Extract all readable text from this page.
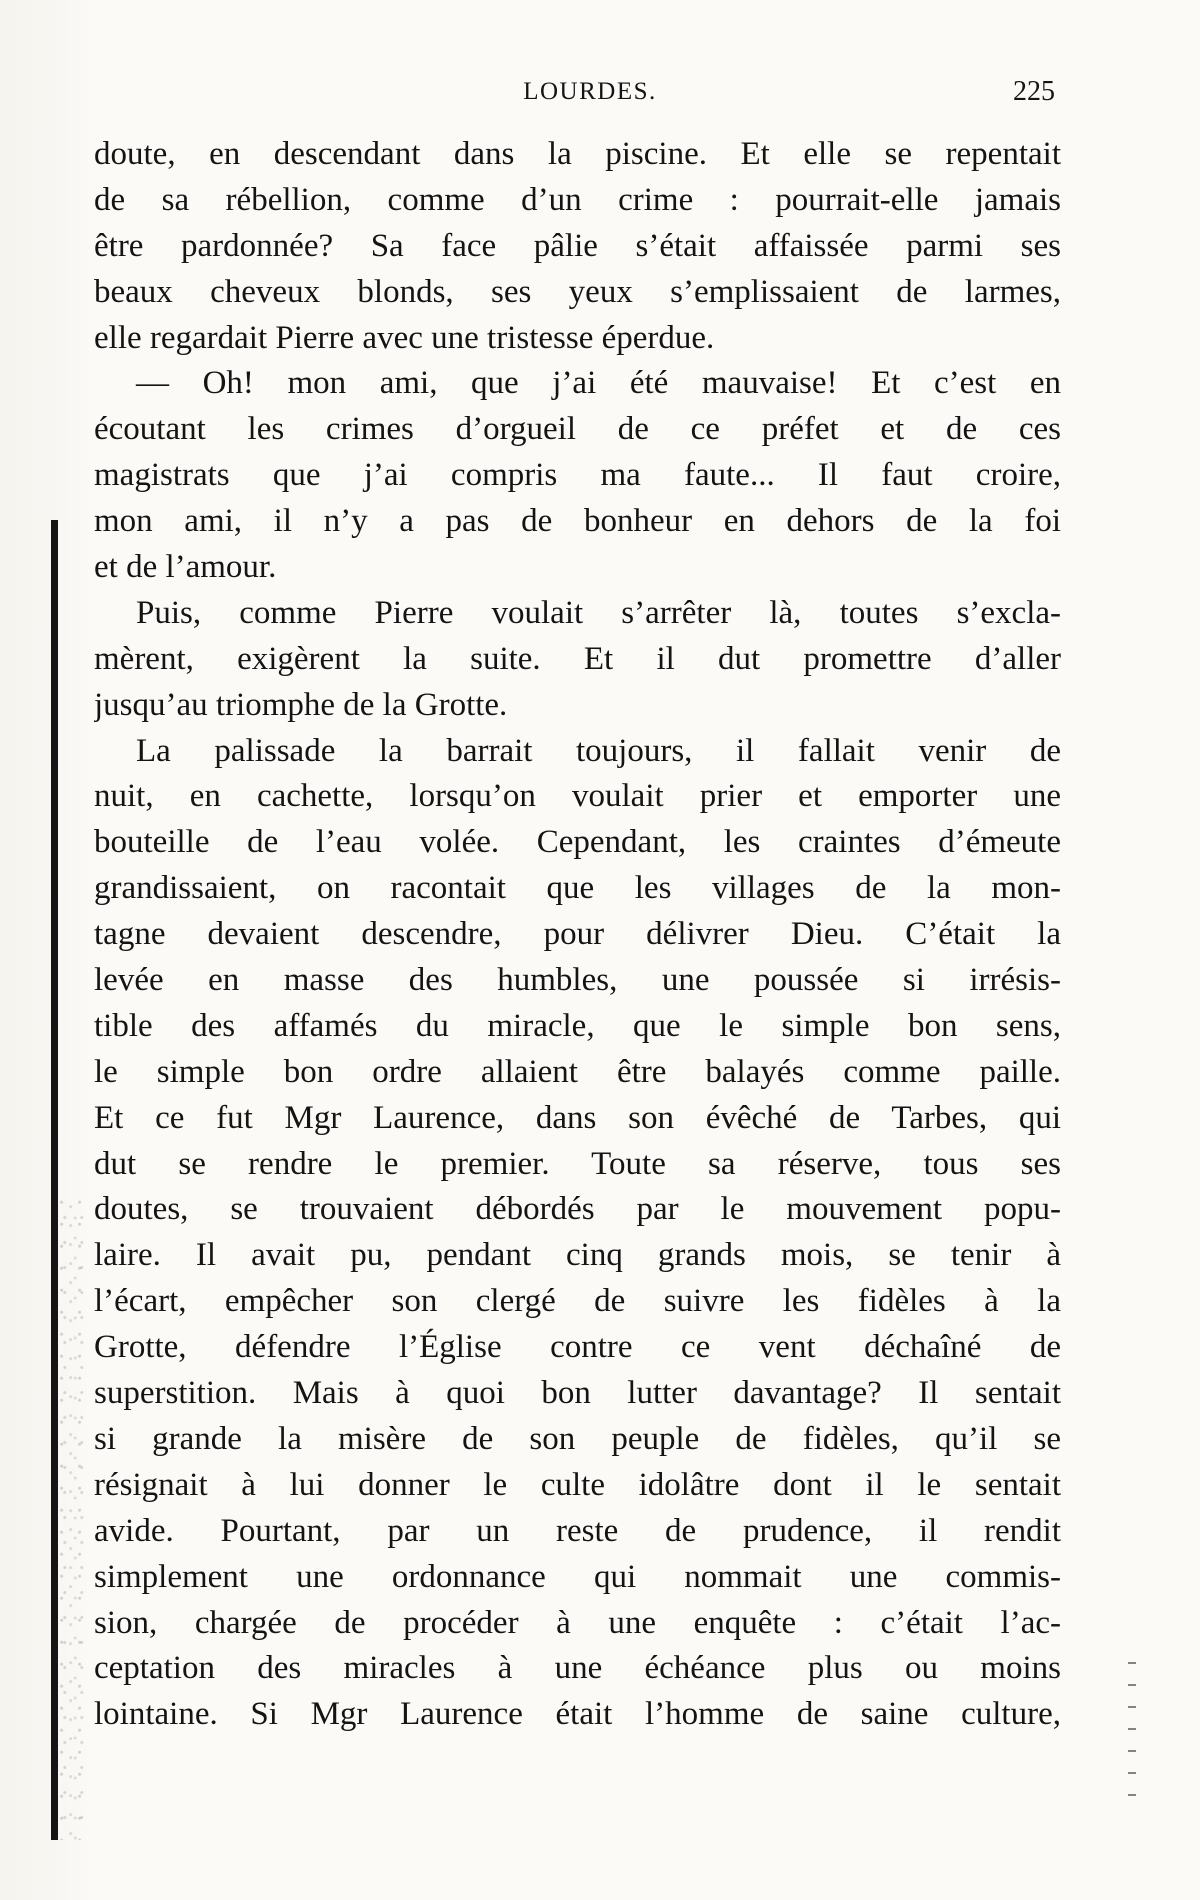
LOURDES.	225
doute, en descendant dans la piscine. Et elle se repentait
de sa rébellion, comme d’un crime : pourrait-elle jamais
être pardonnée? Sa face pâlie s’était affaissée parmi ses
beaux cheveux blonds, ses yeux s’emplissaient de larmes,
elle regardait Pierre avec une tristesse éperdue.
— Oh! mon ami, que j’ai été mauvaise! Et c’est en
écoutant les crimes d’orgueil de ce préfet et de ces
magistrats que j’ai compris ma faute... Il faut croire,
mon ami, il n’y a pas de bonheur en dehors de la foi
et de l’amour.
Puis, comme Pierre voulait s’arrêter là, toutes s’excla-
mèrent, exigèrent la suite. Et il dut promettre d’aller
jusqu’au triomphe de la Grotte.
La palissade la barrait toujours, il fallait venir de
nuit, en cachette, lorsqu’on voulait prier et emporter une
bouteille de l’eau volée. Cependant, les craintes d’émeute
grandissaient, on racontait que les villages de la mon-
tagne devaient descendre, pour délivrer Dieu. C’était la
levée en masse des humbles, une poussée si irrésis-
tible des affamés du miracle, que le simple bon sens,
le simple bon ordre allaient être balayés comme paille.
Et ce fut Mgr Laurence, dans son évêché de Tarbes, qui
dut se rendre le premier. Toute sa réserve, tous ses
doutes, se trouvaient débordés par le mouvement popu-
laire. Il avait pu, pendant cinq grands mois, se tenir à
l’écart, empêcher son clergé de suivre les fidèles à la
Grotte, défendre l’Église contre ce vent déchaîné de
superstition. Mais à quoi bon lutter davantage? Il sentait
si grande la misère de son peuple de fidèles, qu’il se
résignait à lui donner le culte idolâtre dont il le sentait
avide. Pourtant, par un reste de prudence, il rendit
simplement une ordonnance qui nommait une commis-
sion, chargée de procéder à une enquête : c’était l’ac-
ceptation des miracles à une échéance plus ou moins
lointaine. Si Mgr Laurence était l’homme de saine culture,
